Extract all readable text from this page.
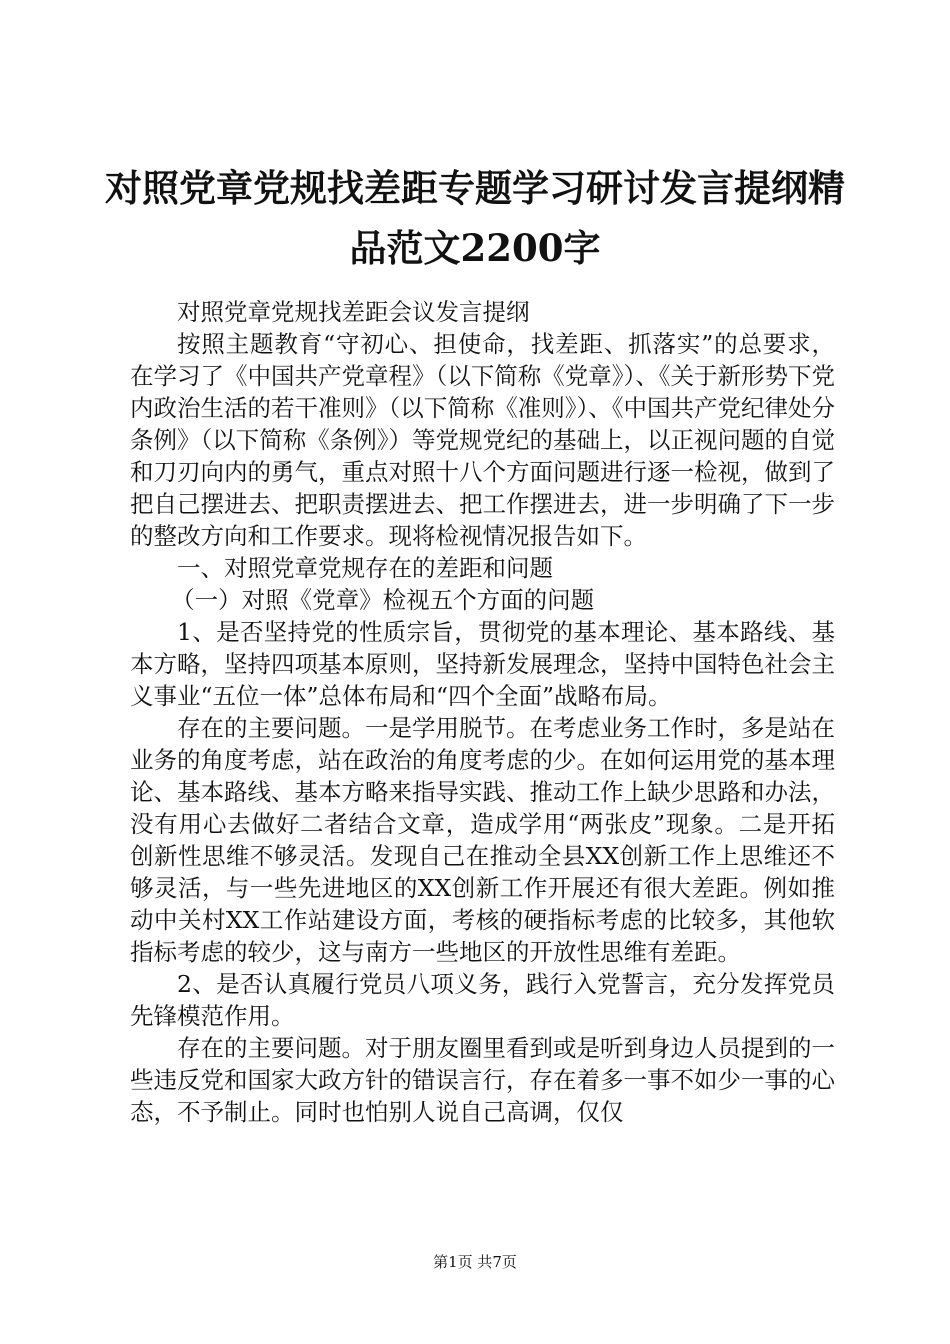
对照党章党规找差距专题学习研讨发言提纲精
品范文2200字

对照党章党规找差距会议发言提纲

按照主题教育“守初心、担使命，找差距、抓落实”的总要求，在学习了《中国共产党章程》（以下简称《党章》）、《关于新形势下党内政治生活的若干准则》（以下简称《准则》）、《中国共产党纪律处分条例》（以下简称《条例》）等党规党纪的基础上，以正视问题的自觉和刀刃向内的勇气，重点对照十八个方面问题进行逐一检视，做到了把自己摆进去、把职责摆进去、把工作摆进去，进一步明确了下一步的整改方向和工作要求。现将检视情况报告如下。

一、对照党章党规存在的差距和问题

（一）对照《党章》检视五个方面的问题

1、是否坚持党的性质宗旨，贯彻党的基本理论、基本路线、基本方略，坚持四项基本原则，坚持新发展理念，坚持中国特色社会主义事业“五位一体”总体布局和“四个全面”战略布局。

存在的主要问题。一是学用脱节。在考虑业务工作时，多是站在业务的角度考虑，站在政治的角度考虑的少。在如何运用党的基本理论、基本路线、基本方略来指导实践、推动工作上缺少思路和办法，没有用心去做好二者结合文章，造成学用“两张皮”现象。二是开拓创新性思维不够灵活。发现自己在推动全县XX创新工作上思维还不够灵活，与一些先进地区的XX创新工作开展还有很大差距。例如推动中关村XX工作站建设方面，考核的硬指标考虑的比较多，其他软指标考虑的较少，这与南方一些地区的开放性思维有差距。

2、是否认真履行党员八项义务，践行入党誓言，充分发挥党员先锋模范作用。

存在的主要问题。对于朋友圈里看到或是听到身边人员提到的一些违反党和国家大政方针的错误言行，存在着多一事不如少一事的心态，不予制止。同时也怕别人说自己高调，仅仅

第1页 共7页
